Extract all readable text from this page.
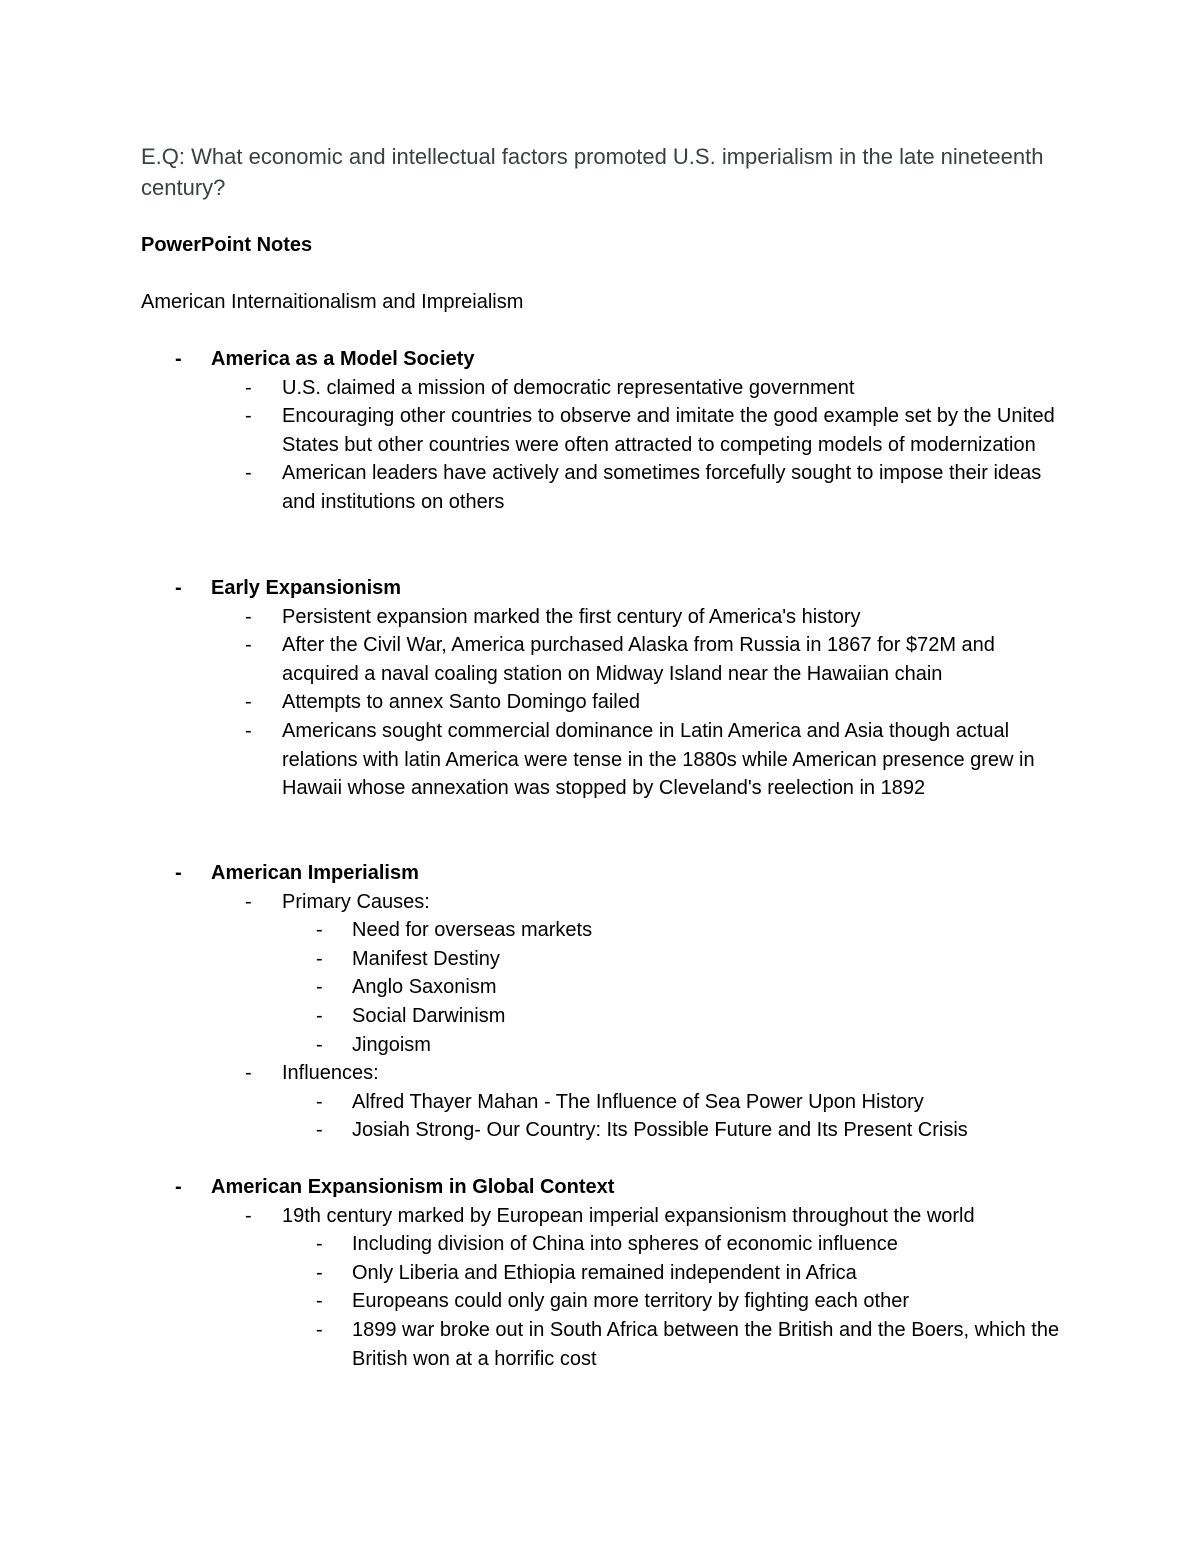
E.Q: What economic and intellectual factors promoted U.S. imperialism in the late nineteenth century?

PowerPoint Notes

American Internaitionalism and Impreialism

- America as a Model Society
- U.S. claimed a mission of democratic representative government
- Encouraging other countries to observe and imitate the good example set by the United States but other countries were often attracted to competing models of modernization
- American leaders have actively and sometimes forcefully sought to impose their ideas and institutions on others
- Early Expansionism
- Persistent expansion marked the first century of America's history
- After the Civil War, America purchased Alaska from Russia in 1867 for $72M and acquired a naval coaling station on Midway Island near the Hawaiian chain
- Attempts to annex Santo Domingo failed
- Americans sought commercial dominance in Latin America and Asia though actual relations with latin America were tense in the 1880s while American presence grew in Hawaii whose annexation was stopped by Cleveland's reelection in 1892
- American Imperialism
- Primary Causes:
- Need for overseas markets
- Manifest Destiny
- Anglo Saxonism
- Social Darwinism
- Jingoism
- Influences:
- Alfred Thayer Mahan - The Influence of Sea Power Upon History
- Josiah Strong- Our Country: Its Possible Future and Its Present Crisis
- American Expansionism in Global Context
- 19th century marked by European imperial expansionism throughout the world
- Including division of China into spheres of economic influence
- Only Liberia and Ethiopia remained independent in Africa
- Europeans could only gain more territory by fighting each other
- 1899 war broke out in South Africa between the British and the Boers, which the British won at a horrific cost
